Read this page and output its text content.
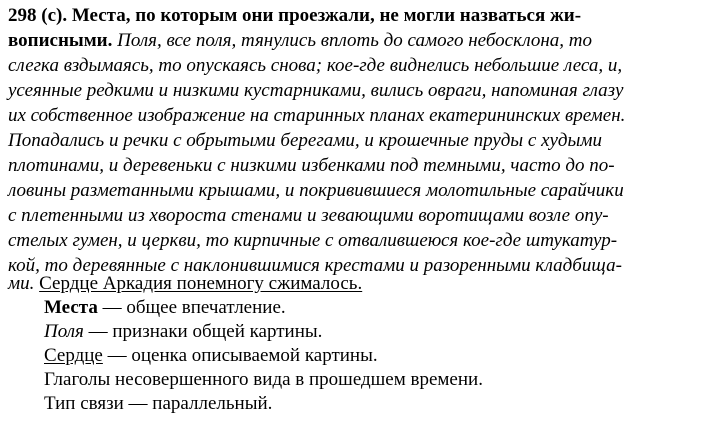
298 (с). Места, по которым они проезжали, не могли назваться жи-
вописными. Поля, все поля, тянулись вплоть до самого небосклона, то
слегка вздымаясь, то опускаясь снова; кое-где виднелись небольшие леса, и,
усеянные редкими и низкими кустарниками, вились овраги, напоминая глазу
их собственное изображение на старинных планах екатерининских времен.
Попадались и речки с обрытыми берегами, и крошечные пруды с худыми
плотинами, и деревеньки с низкими избенками под темными, часто до по-
ловины разметанными крышами, и покривившиеся молотильные сарайчики
с плетенными из хвороста стенами и зевающими воротищами возле опу-
стелых гумен, и церкви, то кирпичные с отвалившеюся кое-где штукатур-
кой, то деревянные с наклонившимися крестами и разоренными кладбища-
ми. Сердце Аркадия понемногу сжималось.
Места — общее впечатление.
Поля — признаки общей картины.
Сердце — оценка описываемой картины.
Глаголы несовершенного вида в прошедшем времени.
Тип связи — параллельный.
